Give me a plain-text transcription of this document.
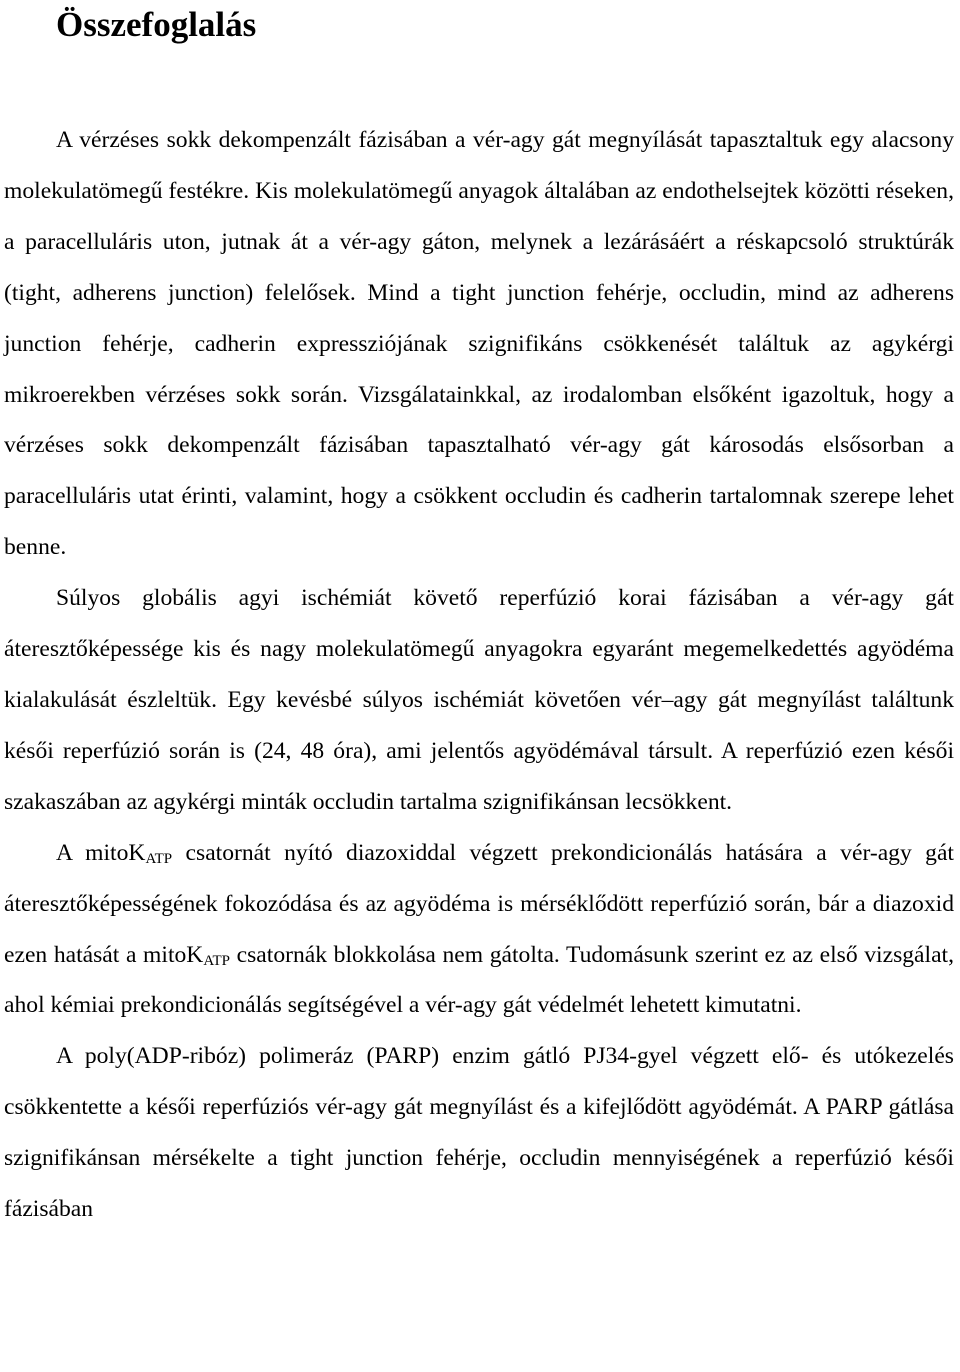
Összefoglalás

A vérzéses sokk dekompenzált fázisában a vér-agy gát megnyílását tapasztaltuk egy alacsony molekulatömegű festékre. Kis molekulatömegű anyagok általában az endothelsejtek közötti réseken, a paracelluláris uton, jutnak át a vér-agy gáton, melynek a lezárásáért a réskapcsoló struktúrák (tight, adherens junction) felelősek. Mind a tight junction fehérje, occludin, mind az adherens junction fehérje, cadherin expressziójának szignifikáns csökkenését találtuk az agykérgi mikroerekben vérzéses sokk során. Vizsgálatainkkal, az irodalomban elsőként igazoltuk, hogy a vérzéses sokk dekompenzált fázisában tapasztalható vér-agy gát károsodás elsősorban a paracelluláris utat érinti, valamint, hogy a csökkent occludin és cadherin tartalomnak szerepe lehet benne.

Súlyos globális agyi ischémiát követő reperfúzió korai fázisában a vér-agy gát áteresztőképessége kis és nagy molekulatömegű anyagokra egyaránt megemelkedettés agyödéma kialakulását észleltük. Egy kevésbé súlyos ischémiát követően vér–agy gát megnyílást találtunk késői reperfúzió során is (24, 48 óra), ami jelentős agyödémával társult. A reperfúzió ezen késői szakaszában az agykérgi minták occludin tartalma szignifikánsan lecsökkent.

A mitoK$_{ATP}$ csatornát nyító diazoxiddal végzett prekondicionálás hatására a vér-agy gát áteresztőképességének fokozódása és az agyödéma is mérséklődött reperfúzió során, bár a diazoxid ezen hatását a mitoK$_{ATP}$ csatornák blokkolása nem gátolta. Tudomásunk szerint ez az első vizsgálat, ahol kémiai prekondicionálás segítségével a vér-agy gát védelmét lehetett kimutatni.

A poly(ADP-ribóz) polimeráz (PARP) enzim gátló PJ34-gyel végzett elő- és utókezelés csökkentette a késői reperfúziós vér-agy gát megnyílást és a kifejlődött agyödémát. A PARP gátlása szignifikánsan mérsékelte a tight junction fehérje, occludin mennyiségének a reperfúzió késői fázisában
